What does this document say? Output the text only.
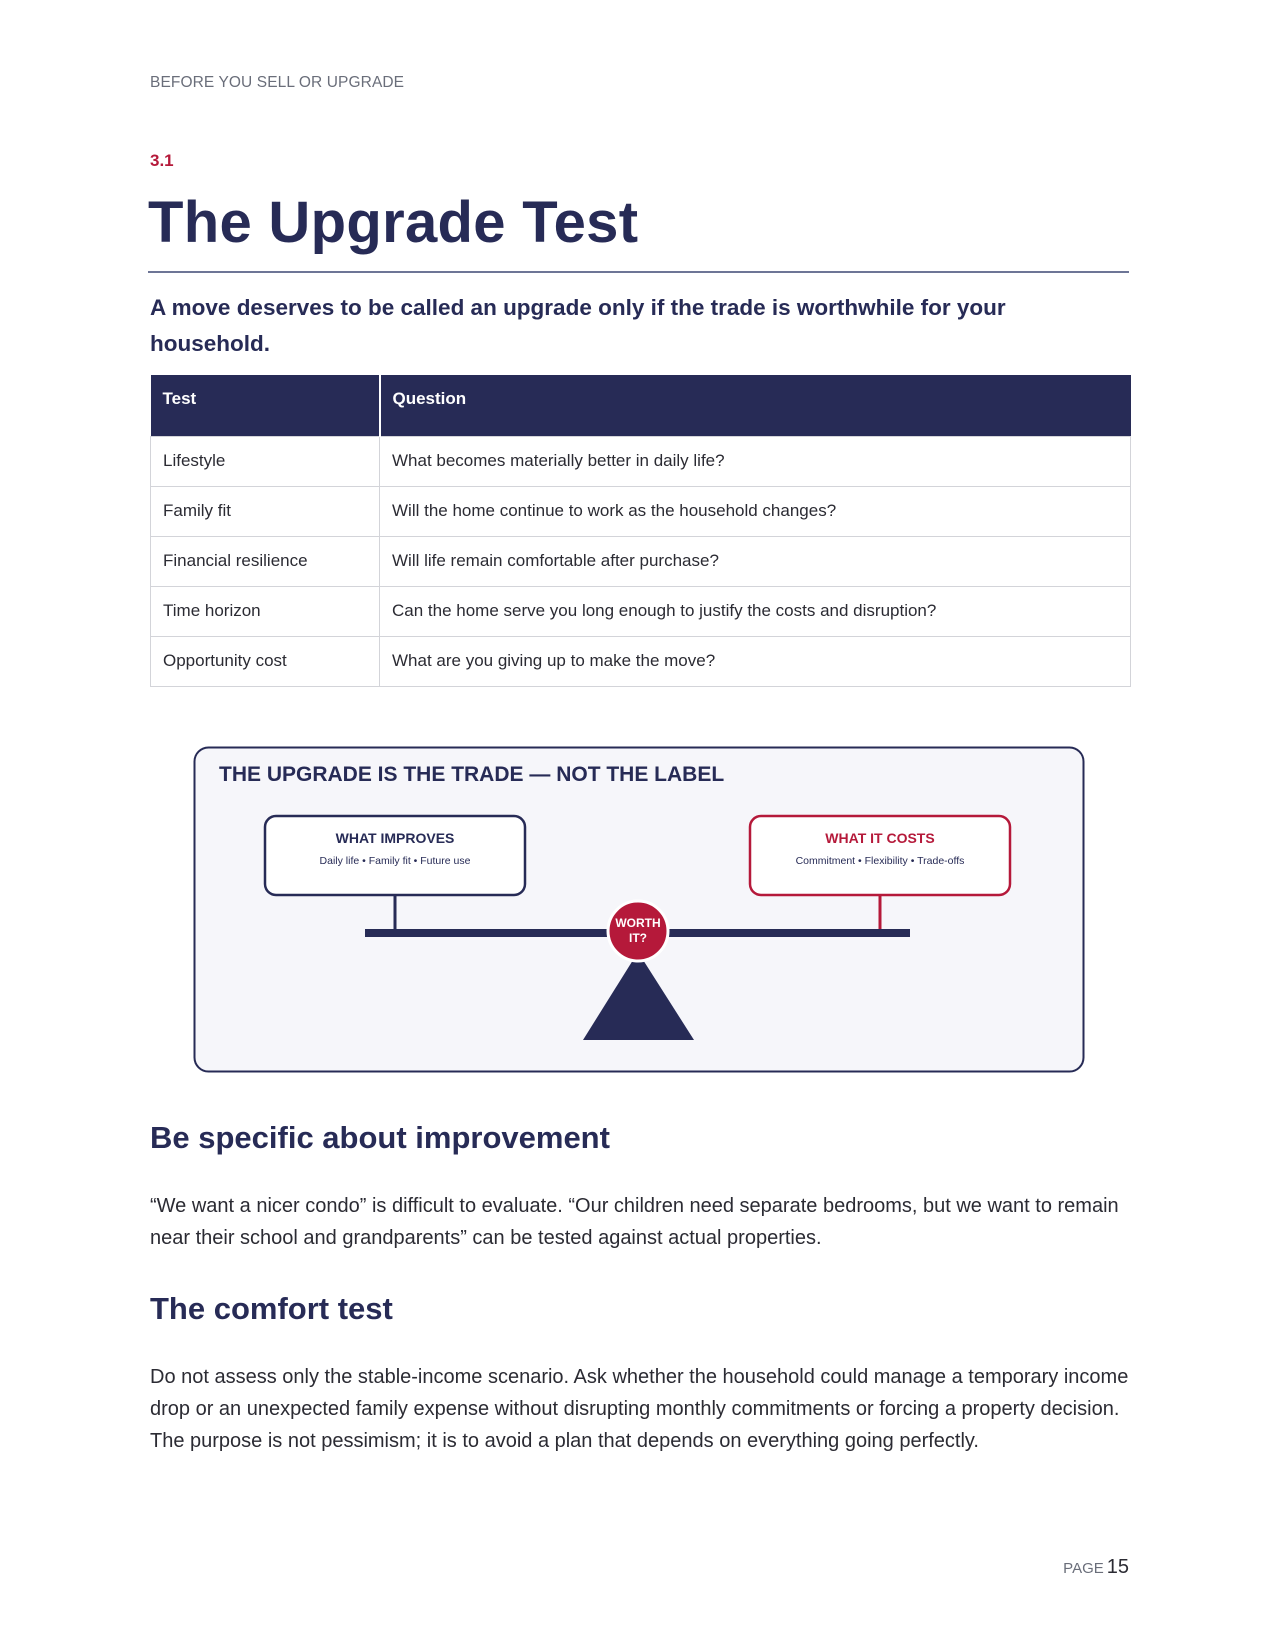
BEFORE YOU SELL OR UPGRADE
3.1
The Upgrade Test

A move deserves to be called an upgrade only if the trade is worthwhile for your household.

Test	Question
Lifestyle	What becomes materially better in daily life?
Family fit	Will the home continue to work as the household changes?
Financial resilience	Will life remain comfortable after purchase?
Time horizon	Can the home serve you long enough to justify the costs and disruption?
Opportunity cost	What are you giving up to make the move?
THE UPGRADE IS THE TRADE — NOT THE LABEL
WHAT IMPROVES
Daily life • Family fit • Future use
WHAT IT COSTS
Commitment • Flexibility • Trade-offs
WORTH
IT?
Be specific about improvement

“We want a nicer condo” is difficult to evaluate. “Our children need separate bedrooms, but we want to remain near their school and grandparents” can be tested against actual properties.

The comfort test

Do not assess only the stable-income scenario. Ask whether the household could manage a temporary income drop or an unexpected family expense without disrupting monthly commitments or forcing a property decision. The purpose is not pessimism; it is to avoid a plan that depends on everything going perfectly.

PAGE 15
